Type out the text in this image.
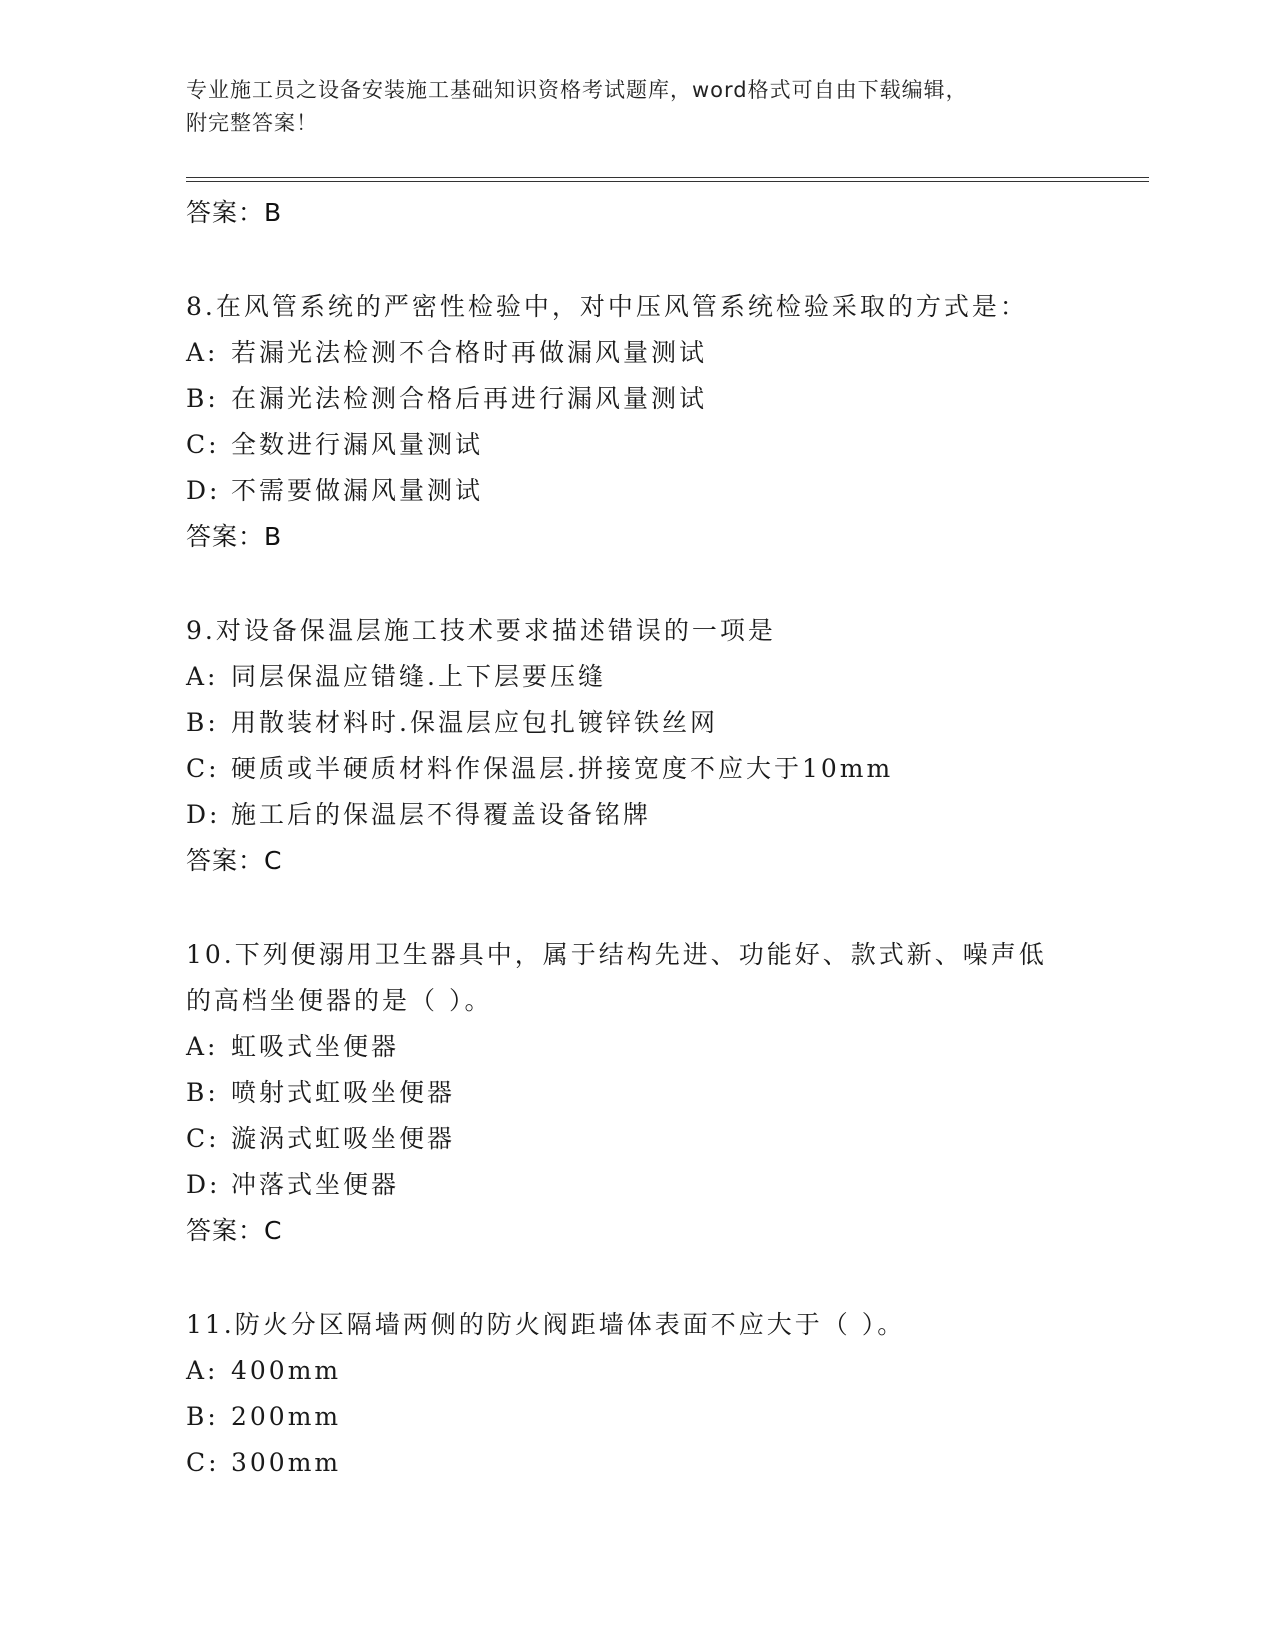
专业施工员之设备安装施工基础知识资格考试题库，word格式可自由下载编辑，
附完整答案！
答案：B
8.在风管系统的严密性检验中，对中压风管系统检验采取的方式是：
A: 若漏光法检测不合格时再做漏风量测试
B: 在漏光法检测合格后再进行漏风量测试
C: 全数进行漏风量测试
D: 不需要做漏风量测试
答案：B
9.对设备保温层施工技术要求描述错误的一项是
A: 同层保温应错缝.上下层要压缝
B: 用散装材料时.保温层应包扎镀锌铁丝网
C: 硬质或半硬质材料作保温层.拼接宽度不应大于10mm
D: 施工后的保温层不得覆盖设备铭牌
答案：C
10.下列便溺用卫生器具中，属于结构先进、功能好、款式新、噪声低的高档坐便器的是（ ）。
A: 虹吸式坐便器
B: 喷射式虹吸坐便器
C: 漩涡式虹吸坐便器
D: 冲落式坐便器
答案：C
11.防火分区隔墙两侧的防火阀距墙体表面不应大于（ ）。
A: 400mm
B: 200mm
C: 300mm
